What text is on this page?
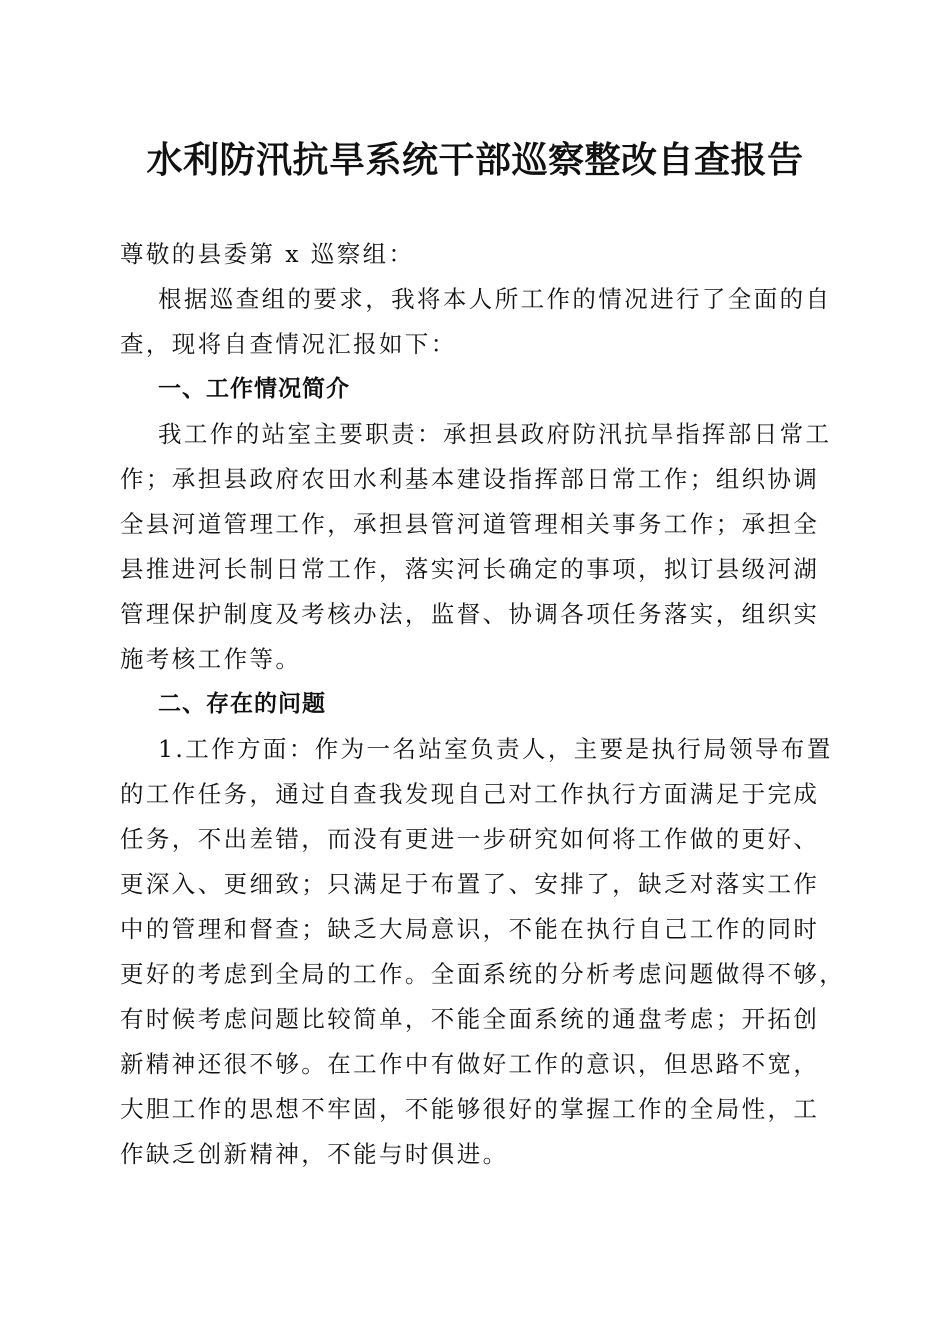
水利防汛抗旱系统干部巡察整改自查报告

尊敬的县委第 x 巡察组：

根据巡查组的要求，我将本人所工作的情况进行了全面的自
查，现将自查情况汇报如下：

一、工作情况简介

我工作的站室主要职责：承担县政府防汛抗旱指挥部日常工
作；承担县政府农田水利基本建设指挥部日常工作；组织协调
全县河道管理工作，承担县管河道管理相关事务工作；承担全
县推进河长制日常工作，落实河长确定的事项，拟订县级河湖
管理保护制度及考核办法，监督、协调各项任务落实，组织实
施考核工作等。

二、存在的问题

1.工作方面：作为一名站室负责人，主要是执行局领导布置
的工作任务，通过自查我发现自己对工作执行方面满足于完成
任务，不出差错，而没有更进一步研究如何将工作做的更好、
更深入、更细致；只满足于布置了、安排了，缺乏对落实工作
中的管理和督查；缺乏大局意识，不能在执行自己工作的同时
更好的考虑到全局的工作。全面系统的分析考虑问题做得不够，
有时候考虑问题比较简单，不能全面系统的通盘考虑；开拓创
新精神还很不够。在工作中有做好工作的意识，但思路不宽，
大胆工作的思想不牢固，不能够很好的掌握工作的全局性，工
作缺乏创新精神，不能与时俱进。
